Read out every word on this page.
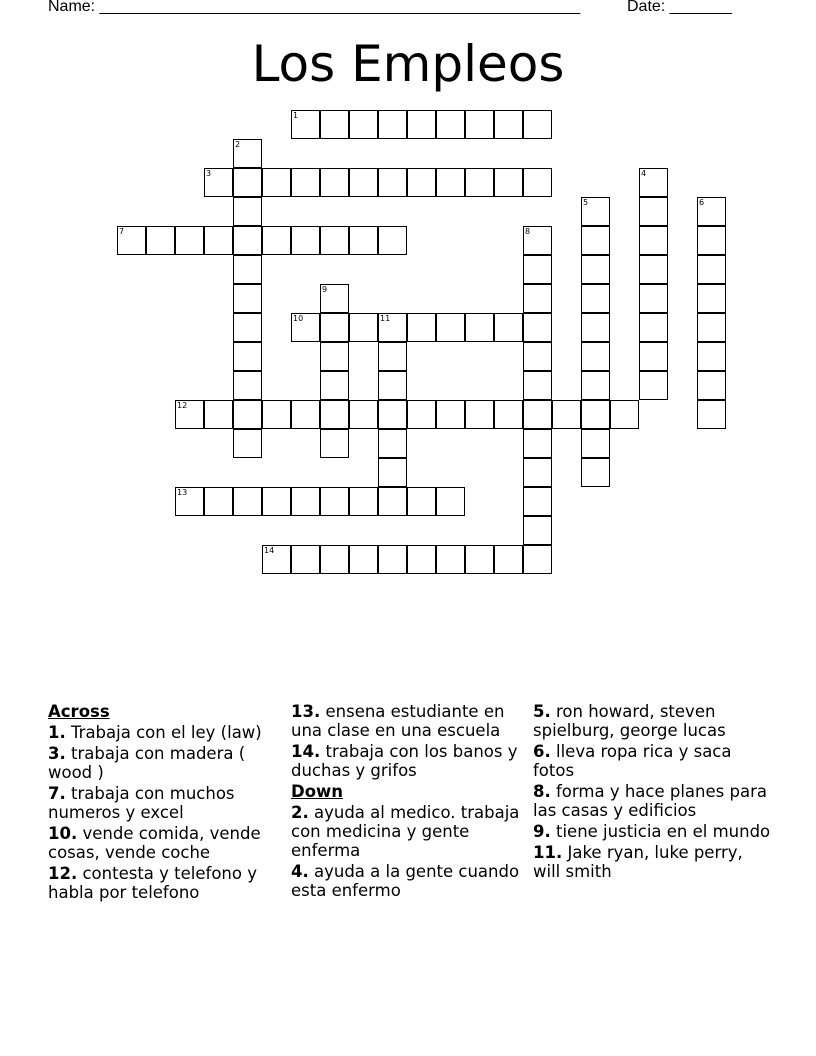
Name: ______________________________________________________	Date: _______
Los Empleos
1
2
3	4
5	6
7	8
9
10	11
12
13
14
Across
1. Trabaja con el ley (law)
3. trabaja con madera ( wood )
7. trabaja con muchos numeros y excel
10. vende comida, vende cosas, vende coche
12. contesta y telefono y habla por telefono
13. ensena estudiante en una clase en una escuela
14. trabaja con los banos y duchas y grifos
Down
2. ayuda al medico. trabaja con medicina y gente enferma
4. ayuda a la gente cuando esta enfermo
5. ron howard, steven spielburg, george lucas
6. lleva ropa rica y saca fotos
8. forma y hace planes para las casas y edificios
9. tiene justicia en el mundo
11. Jake ryan, luke perry, will smith
